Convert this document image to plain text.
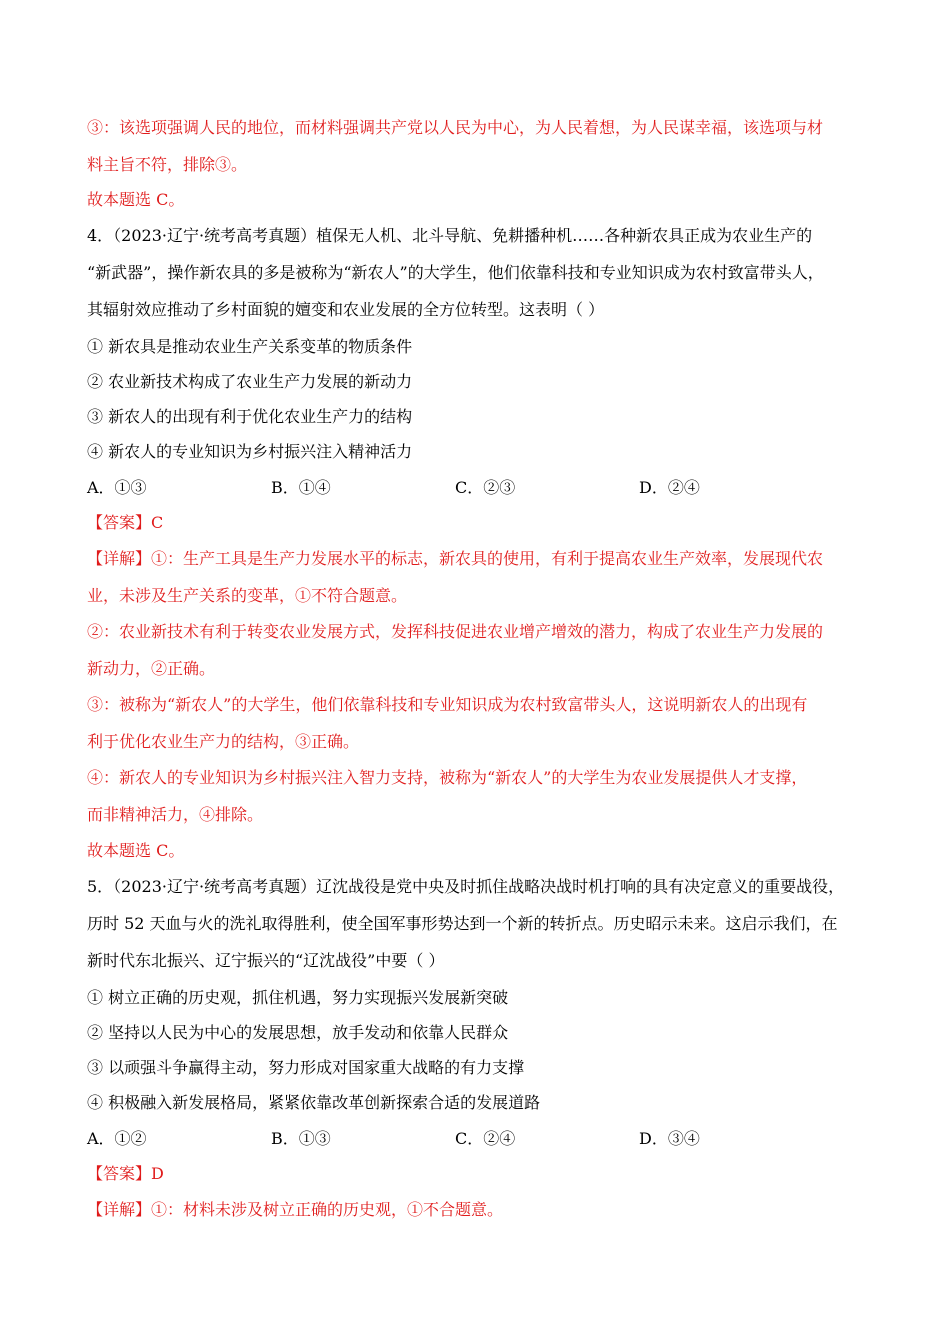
③：该选项强调人民的地位，而材料强调共产党以人民为中心，为人民着想，为人民谋幸福，该选项与材
料主旨不符，排除③。
故本题选 C。
4．（2023·辽宁·统考高考真题）植保无人机、北斗导航、免耕播种机……各种新农具正成为农业生产的
“新武器”，操作新农具的多是被称为“新农人”的大学生，他们依靠科技和专业知识成为农村致富带头人，
其辐射效应推动了乡村面貌的嬗变和农业发展的全方位转型。这表明（ ）
① 新农具是推动农业生产关系变革的物质条件
② 农业新技术构成了农业生产力发展的新动力
③ 新农人的出现有利于优化农业生产力的结构
④ 新农人的专业知识为乡村振兴注入精神活力
A．①③	B．①④	C．②③	D．②④
【答案】C
【详解】①：生产工具是生产力发展水平的标志，新农具的使用，有利于提高农业生产效率，发展现代农
业，未涉及生产关系的变革，①不符合题意。
②：农业新技术有利于转变农业发展方式，发挥科技促进农业增产增效的潜力，构成了农业生产力发展的
新动力，②正确。
③：被称为“新农人”的大学生，他们依靠科技和专业知识成为农村致富带头人，这说明新农人的出现有
利于优化农业生产力的结构，③正确。
④：新农人的专业知识为乡村振兴注入智力支持，被称为“新农人”的大学生为农业发展提供人才支撑，
而非精神活力，④排除。
故本题选 C。
5．（2023·辽宁·统考高考真题）辽沈战役是党中央及时抓住战略决战时机打响的具有决定意义的重要战役，
历时 52 天血与火的洗礼取得胜利，使全国军事形势达到一个新的转折点。历史昭示未来。这启示我们，在
新时代东北振兴、辽宁振兴的“辽沈战役”中要（ ）
① 树立正确的历史观，抓住机遇，努力实现振兴发展新突破
② 坚持以人民为中心的发展思想，放手发动和依靠人民群众
③ 以顽强斗争赢得主动，努力形成对国家重大战略的有力支撑
④ 积极融入新发展格局，紧紧依靠改革创新探索合适的发展道路
A．①②	B．①③	C．②④	D．③④
【答案】D
【详解】①：材料未涉及树立正确的历史观，①不合题意。
